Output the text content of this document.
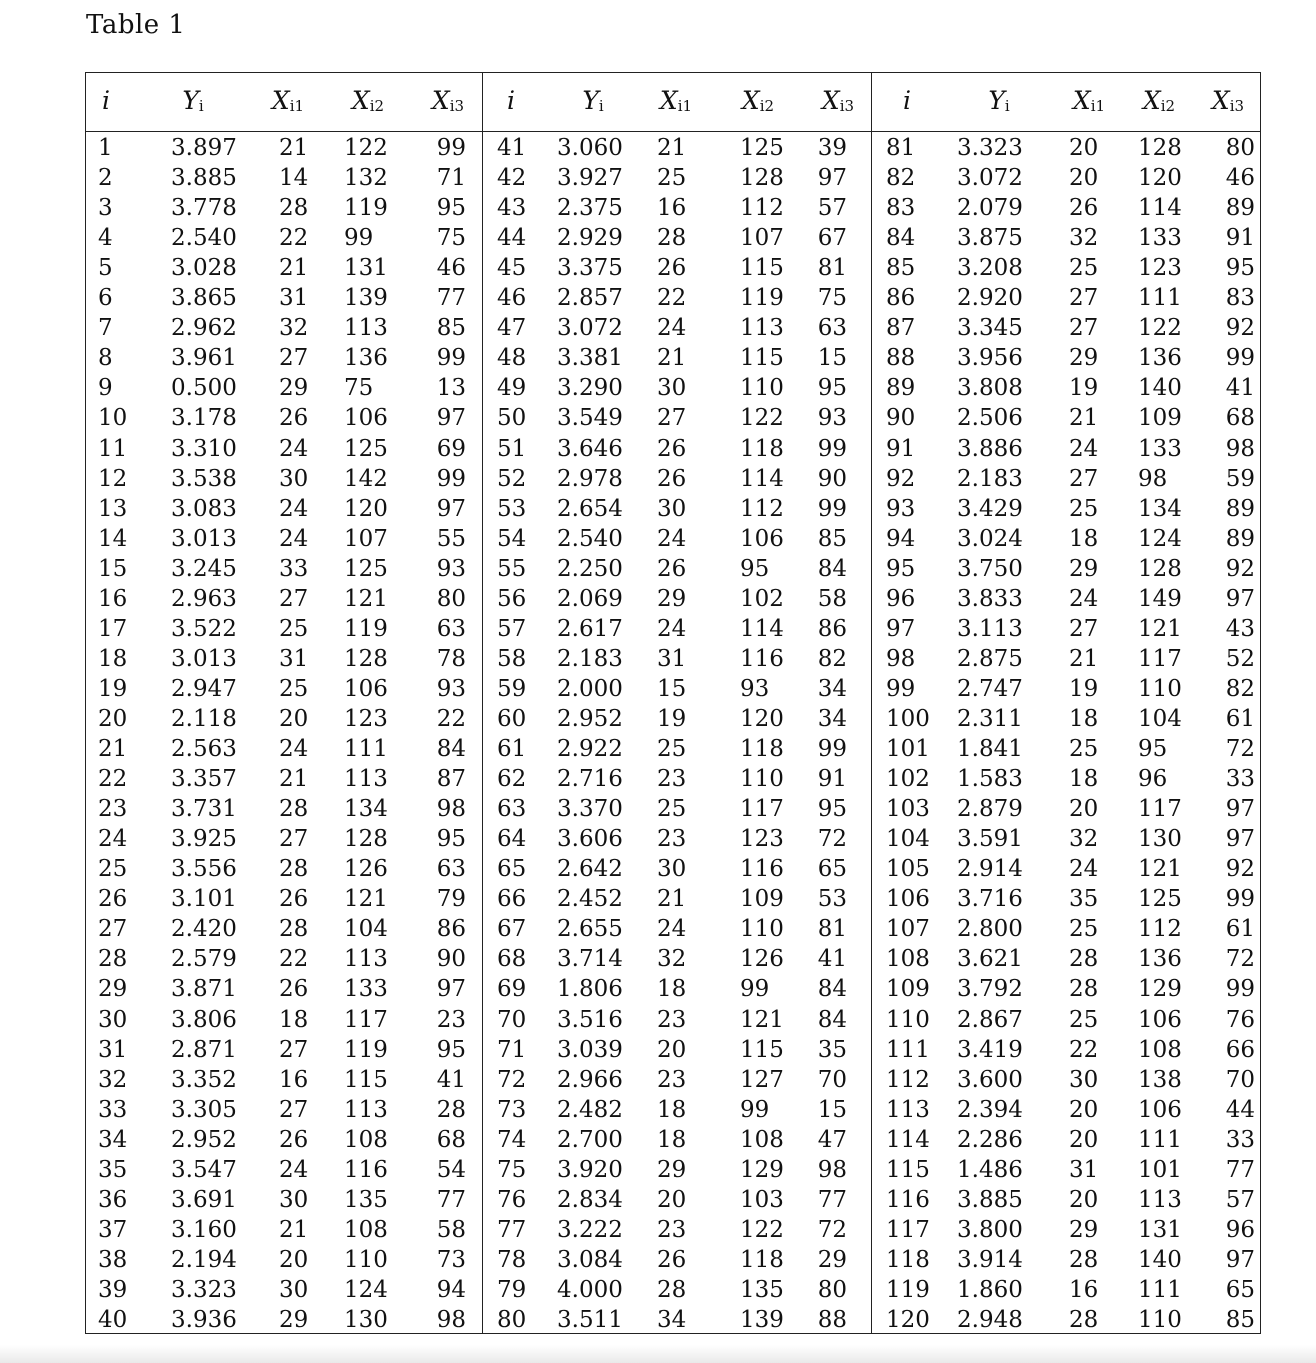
Table 1
i	$Y_i$	$X_{i1}$ $X_{i2}$ $X_{i3}$	i	$Y_i$	$X_{i1}$ $X_{i2}$ $X_{i3}$	i	$Y_i$	$X_{i1}$ $X_{i2}$ $X_{i3}$
1	3.897 21 122	99 41 3.060 21 125	39 81 3.323 20 128	80
2	3.885 14 132	71 42 3.927 25 128	97 82 3.072 20 120	46
3	3.778 28 119	95 43 2.375 16 112	57 83 2.079 26 114	89
4	2.540 22 99	75 44 2.929 28 107	67 84 3.875 32 133	91
5	3.028 21 131	46 45 3.375 26 115	81 85 3.208 25 123	95
6	3.865 31 139	77 46 2.857 22 119	75 86 2.920 27 111	83
7	2.962 32 113	85 47 3.072 24 113	63 87 3.345 27 122	92
8	3.961 27 136	99 48 3.381 21 115	15 88 3.956 29 136	99
9	0.500 29 75	13 49 3.290 30 110	95 89 3.808 19 140	41
10 3.178 26 106	97 50 3.549 27 122	93 90 2.506 21 109	68
11 3.310 24 125	69 51 3.646 26 118	99 91 3.886 24 133	98
12 3.538 30 142	99 52 2.978 26 114	90 92 2.183 27 98	59
13 3.083 24 120	97 53 2.654 30 112	99 93 3.429 25 134	89
14 3.013 24 107	55 54 2.540 24 106	85 94 3.024 18 124	89
15 3.245 33 125	93 55 2.250 26 95	84 95 3.750 29 128	92
16 2.963 27 121	80 56 2.069 29 102	58 96 3.833 24 149	97
17 3.522 25 119	63 57 2.617 24 114	86 97 3.113 27 121	43
18 3.013 31 128	78 58 2.183 31 116	82 98 2.875 21 117	52
19 2.947 25 106	93 59 2.000 15 93	34 99 2.747 19 110	82
20 2.118 20 123	22 60 2.952 19 120	34 100 2.311 18 104	61
21 2.563 24 111	84 61 2.922 25 118	99 101 1.841 25 95	72
22 3.357 21 113	87 62 2.716 23 110	91 102 1.583 18 96	33
23 3.731 28 134	98 63 3.370 25 117	95 103 2.879 20 117	97
24 3.925 27 128	95 64 3.606 23 123	72 104 3.591 32 130	97
25 3.556 28 126	63 65 2.642 30 116	65 105 2.914 24 121	92
26 3.101 26 121	79 66 2.452 21 109	53 106 3.716 35 125	99
27 2.420 28 104	86 67 2.655 24 110	81 107 2.800 25 112	61
28 2.579 22 113	90 68 3.714 32 126	41 108 3.621 28 136	72
29 3.871 26 133	97 69 1.806 18 99	84 109 3.792 28 129	99
30 3.806 18 117	23 70 3.516 23 121	84 110 2.867 25 106	76
31 2.871 27 119	95 71 3.039 20 115	35 111 3.419 22 108	66
32 3.352 16 115	41 72 2.966 23 127	70 112 3.600 30 138	70
33 3.305 27 113	28 73 2.482 18 99	15 113 2.394 20 106	44
34 2.952 26 108	68 74 2.700 18 108	47 114 2.286 20 111	33
35 3.547 24 116	54 75 3.920 29 129	98 115 1.486 31 101	77
36 3.691 30 135	77 76 2.834 20 103	77 116 3.885 20 113	57
37 3.160 21 108	58 77 3.222 23 122	72 117 3.800 29 131	96
38 2.194 20 110	73 78 3.084 26 118	29 118 3.914 28 140	97
39 3.323 30 124	94 79 4.000 28 135	80 119 1.860 16 111	65
40 3.936 29 130	98 80 3.511 34 139	88 120 2.948 28 110	85
